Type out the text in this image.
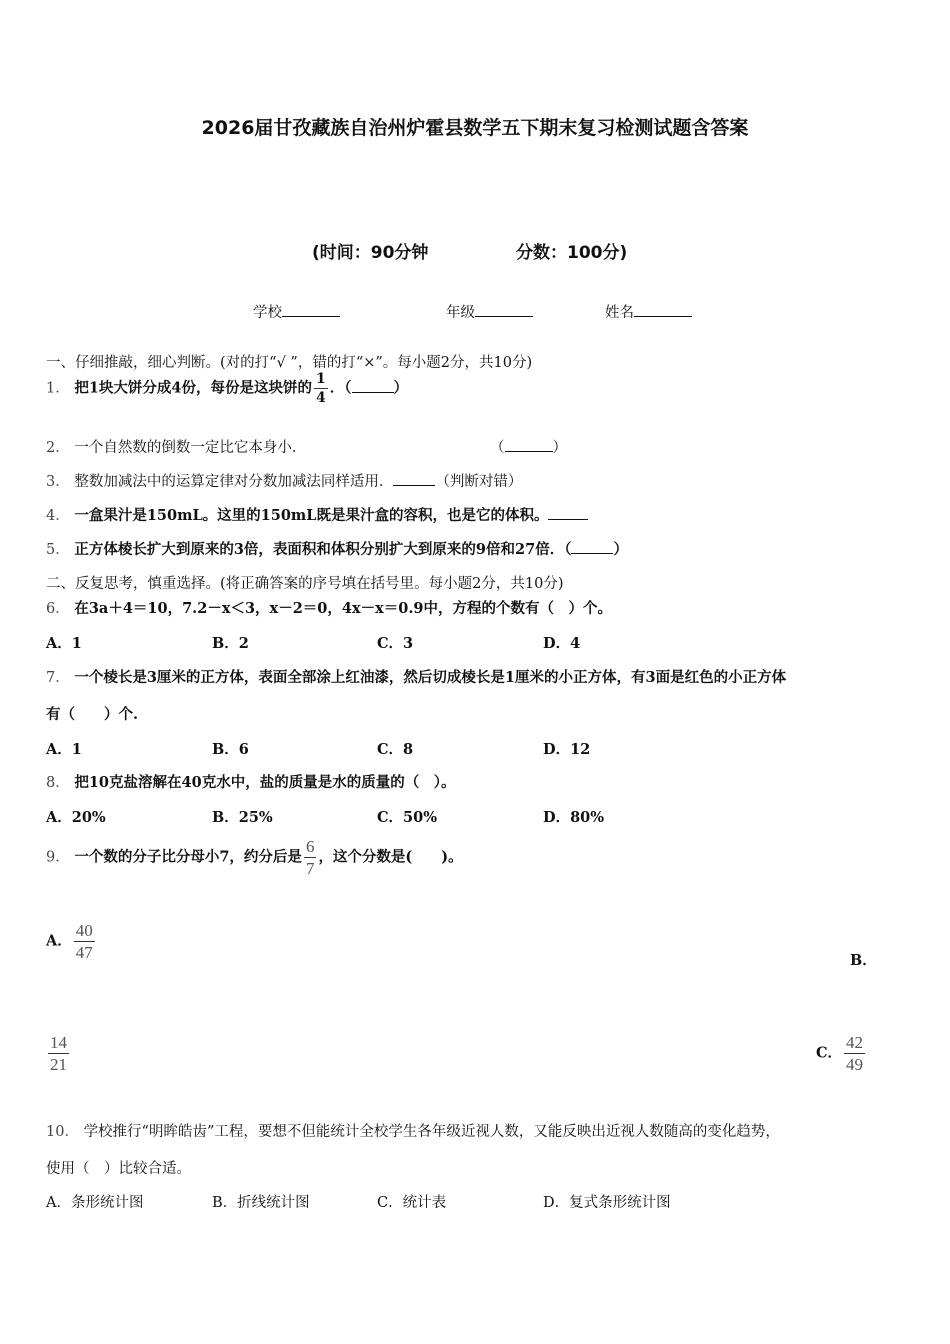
2026届甘孜藏族自治州炉霍县数学五下期末复习检测试题含答案
(时间：90分钟	分数：100分)
学校	年级	姓名
一、仔细推敲，细心判断。(对的打“√ ”，错的打“×”。每小题2分，共10分)
1． 把1块大饼分成4份，每份是这块饼的 $\frac{1}{4}$ ．（	）
2． 一个自然数的倒数一定比它本身小．	（	）
3． 整数加减法中的运算定律对分数加减法同样适用．	（判断对错）
4． 一盒果汁是150mL。这里的150mL既是果汁盒的容积，也是它的体积。
5． 正方体棱长扩大到原来的3倍，表面积和体积分别扩大到原来的9倍和27倍．（	）
二、反复思考，慎重选择。(将正确答案的序号填在括号里。每小题2分，共10分)
6． 在3a＋4＝10，7.2－x＜3，x－2＝0，4x－x＝0.9中，方程的个数有（　）个。
A．1	B．2	C．3	D．4
7． 一个棱长是3厘米的正方体，表面全部涂上红油漆，然后切成棱长是1厘米的小正方体，有3面是红色的小正方体
有（　　）个.
A．1	B．6	C．8	D．12
8． 把10克盐溶解在40克水中，盐的质量是水的质量的（　）。
A．20%	B．25%	C．50%	D．80%
9． 一个数的分子比分母小7，约分后是 $\frac{6}{7}$ ，这个分数是(　　)。
A． $\frac{40}{47}$	B．
$\frac{14}{21}$	C． $\frac{42}{49}$
10． 学校推行“明眸皓齿”工程，要想不但能统计全校学生各年级近视人数，又能反映出近视人数随高的变化趋势，
使用（　）比较合适。
A．条形统计图	B．折线统计图	C．统计表	D．复式条形统计图
